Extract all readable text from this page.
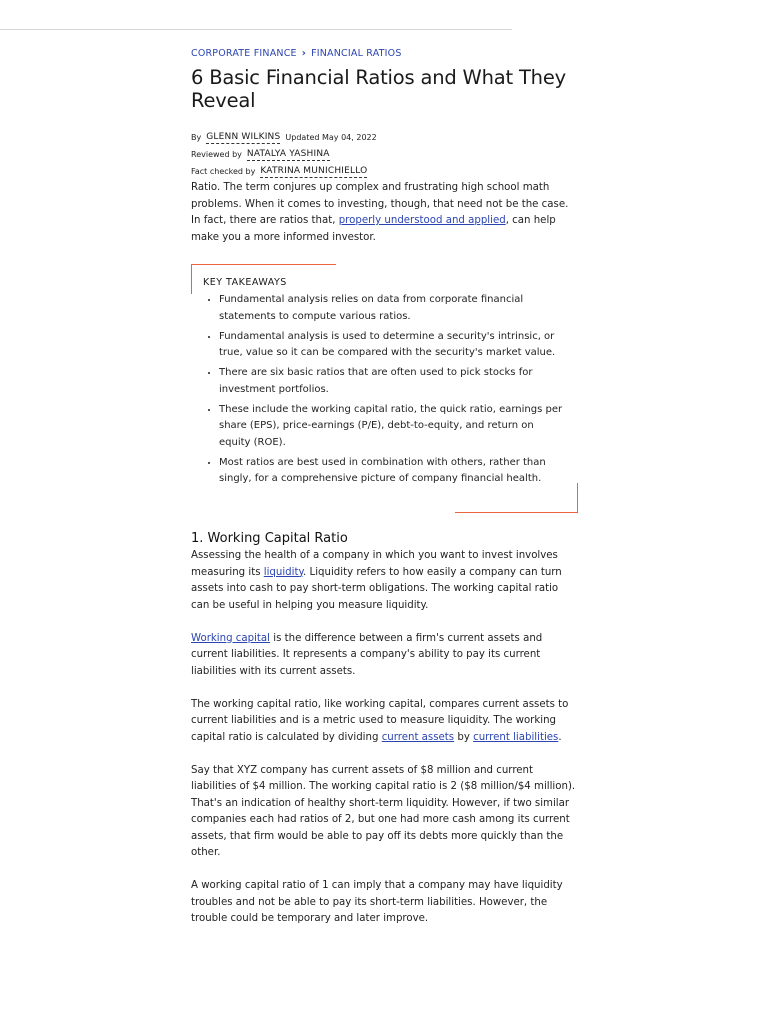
CORPORATE FINANCE › FINANCIAL RATIOS
6 Basic Financial Ratios and What They Reveal
By GLENN WILKINS Updated May 04, 2022
Reviewed by NATALYA YASHINA
Fact checked by KATRINA MUNICHIELLO

Ratio. The term conjures up complex and frustrating high school math problems. When it comes to investing, though, that need not be the case. In fact, there are ratios that, properly understood and applied, can help make you a more informed investor.

KEY TAKEAWAYS
• Fundamental analysis relies on data from corporate financial statements to compute various ratios.
• Fundamental analysis is used to determine a security's intrinsic, or true, value so it can be compared with the security's market value.
• There are six basic ratios that are often used to pick stocks for investment portfolios.
• These include the working capital ratio, the quick ratio, earnings per share (EPS), price-earnings (P/E), debt-to-equity, and return on equity (ROE).
• Most ratios are best used in combination with others, rather than singly, for a comprehensive picture of company financial health.
1. Working Capital Ratio

Assessing the health of a company in which you want to invest involves measuring its liquidity. Liquidity refers to how easily a company can turn assets into cash to pay short-term obligations. The working capital ratio can be useful in helping you measure liquidity.

Working capital is the difference between a firm's current assets and current liabilities. It represents a company's ability to pay its current liabilities with its current assets.

The working capital ratio, like working capital, compares current assets to current liabilities and is a metric used to measure liquidity. The working capital ratio is calculated by dividing current assets by current liabilities.

Say that XYZ company has current assets of $8 million and current liabilities of $4 million. The working capital ratio is 2 ($8 million/$4 million). That's an indication of healthy short-term liquidity. However, if two similar companies each had ratios of 2, but one had more cash among its current assets, that firm would be able to pay off its debts more quickly than the other.

A working capital ratio of 1 can imply that a company may have liquidity troubles and not be able to pay its short-term liabilities. However, the trouble could be temporary and later improve.
